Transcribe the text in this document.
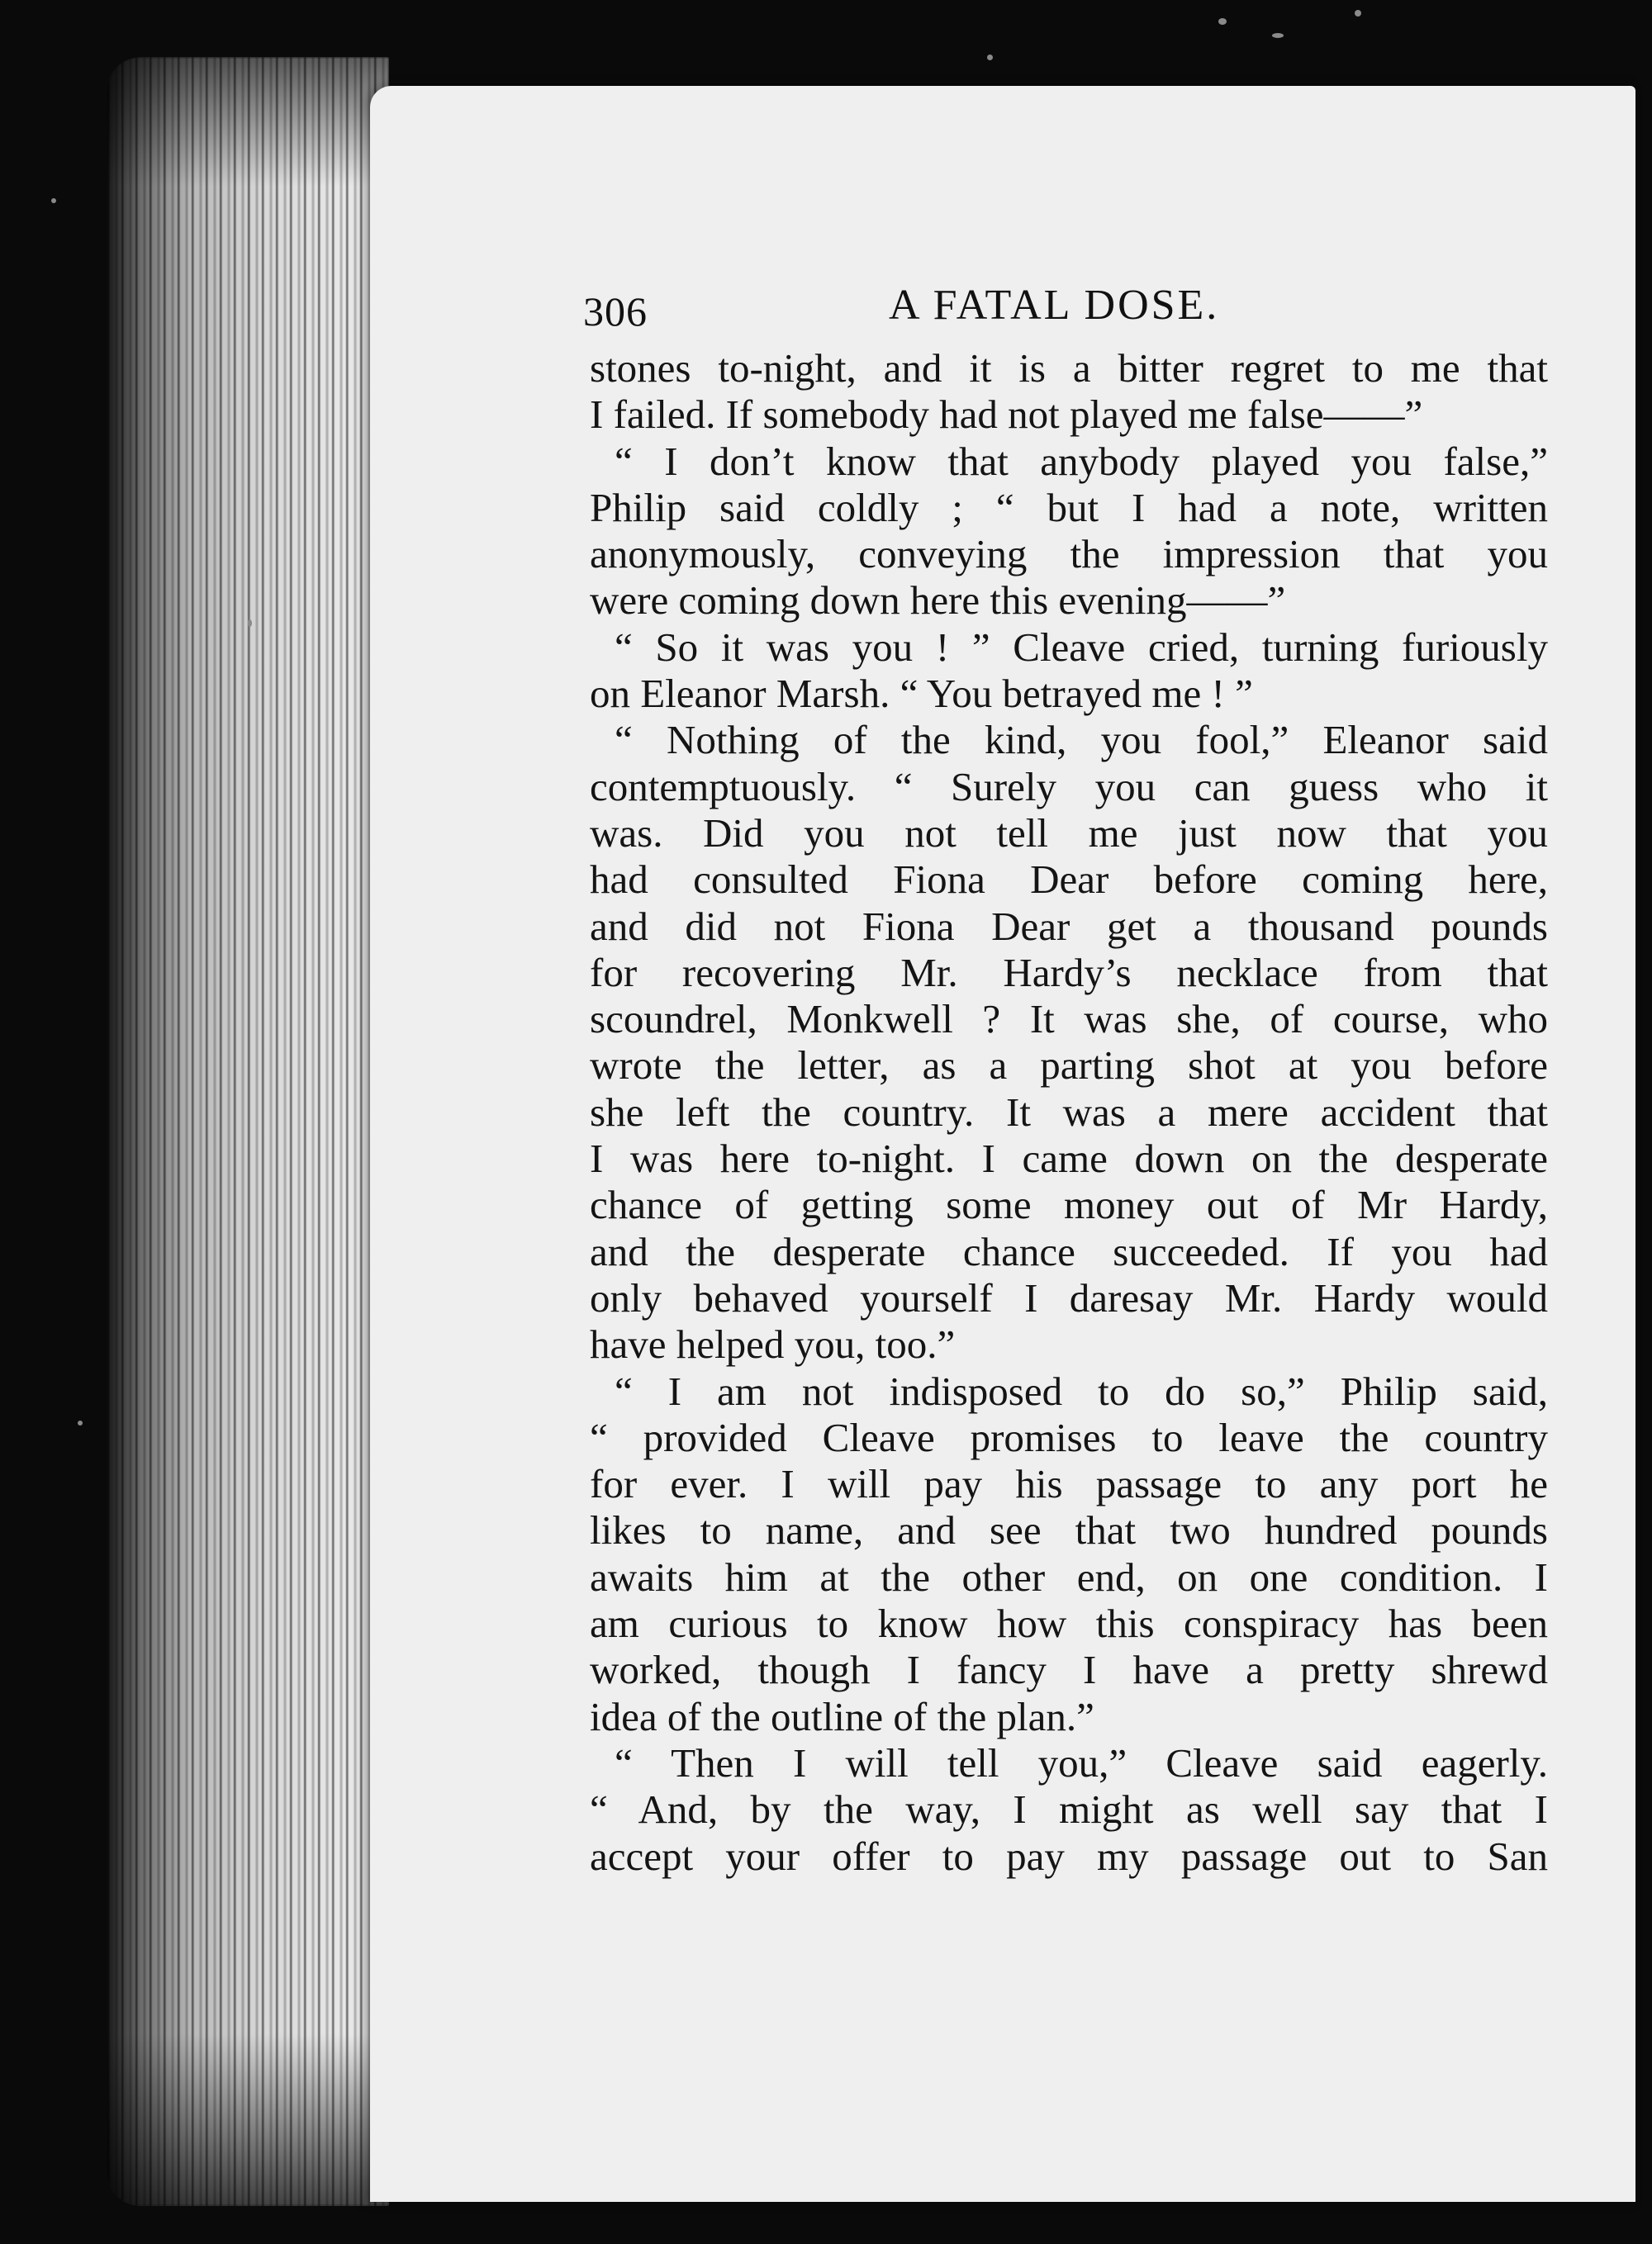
306	A FATAL DOSE.
stones to-night, and it is a bitter regret to me that
I failed. If somebody had not played me false——”
“ I don’t know that anybody played you false,”
Philip said coldly ; “ but I had a note, written
anonymously, conveying the impression that you
were coming down here this evening——”
“ So it was you ! ” Cleave cried, turning furiously
on Eleanor Marsh. “ You betrayed me ! ”
“ Nothing of the kind, you fool,” Eleanor said
contemptuously. “ Surely you can guess who it
was. Did you not tell me just now that you
had consulted Fiona Dear before coming here,
and did not Fiona Dear get a thousand pounds
for recovering Mr. Hardy’s necklace from that
scoundrel, Monkwell ? It was she, of course, who
wrote the letter, as a parting shot at you before
she left the country. It was a mere accident that
I was here to-night. I came down on the desperate
chance of getting some money out of Mr Hardy,
and the desperate chance succeeded. If you had
only behaved yourself I daresay Mr. Hardy would
have helped you, too.”
“ I am not indisposed to do so,” Philip said,
“ provided Cleave promises to leave the country
for ever. I will pay his passage to any port he
likes to name, and see that two hundred pounds
awaits him at the other end, on one condition. I
am curious to know how this conspiracy has been
worked, though I fancy I have a pretty shrewd
idea of the outline of the plan.”
“ Then I will tell you,” Cleave said eagerly.
“ And, by the way, I might as well say that I
accept your offer to pay my passage out to San
